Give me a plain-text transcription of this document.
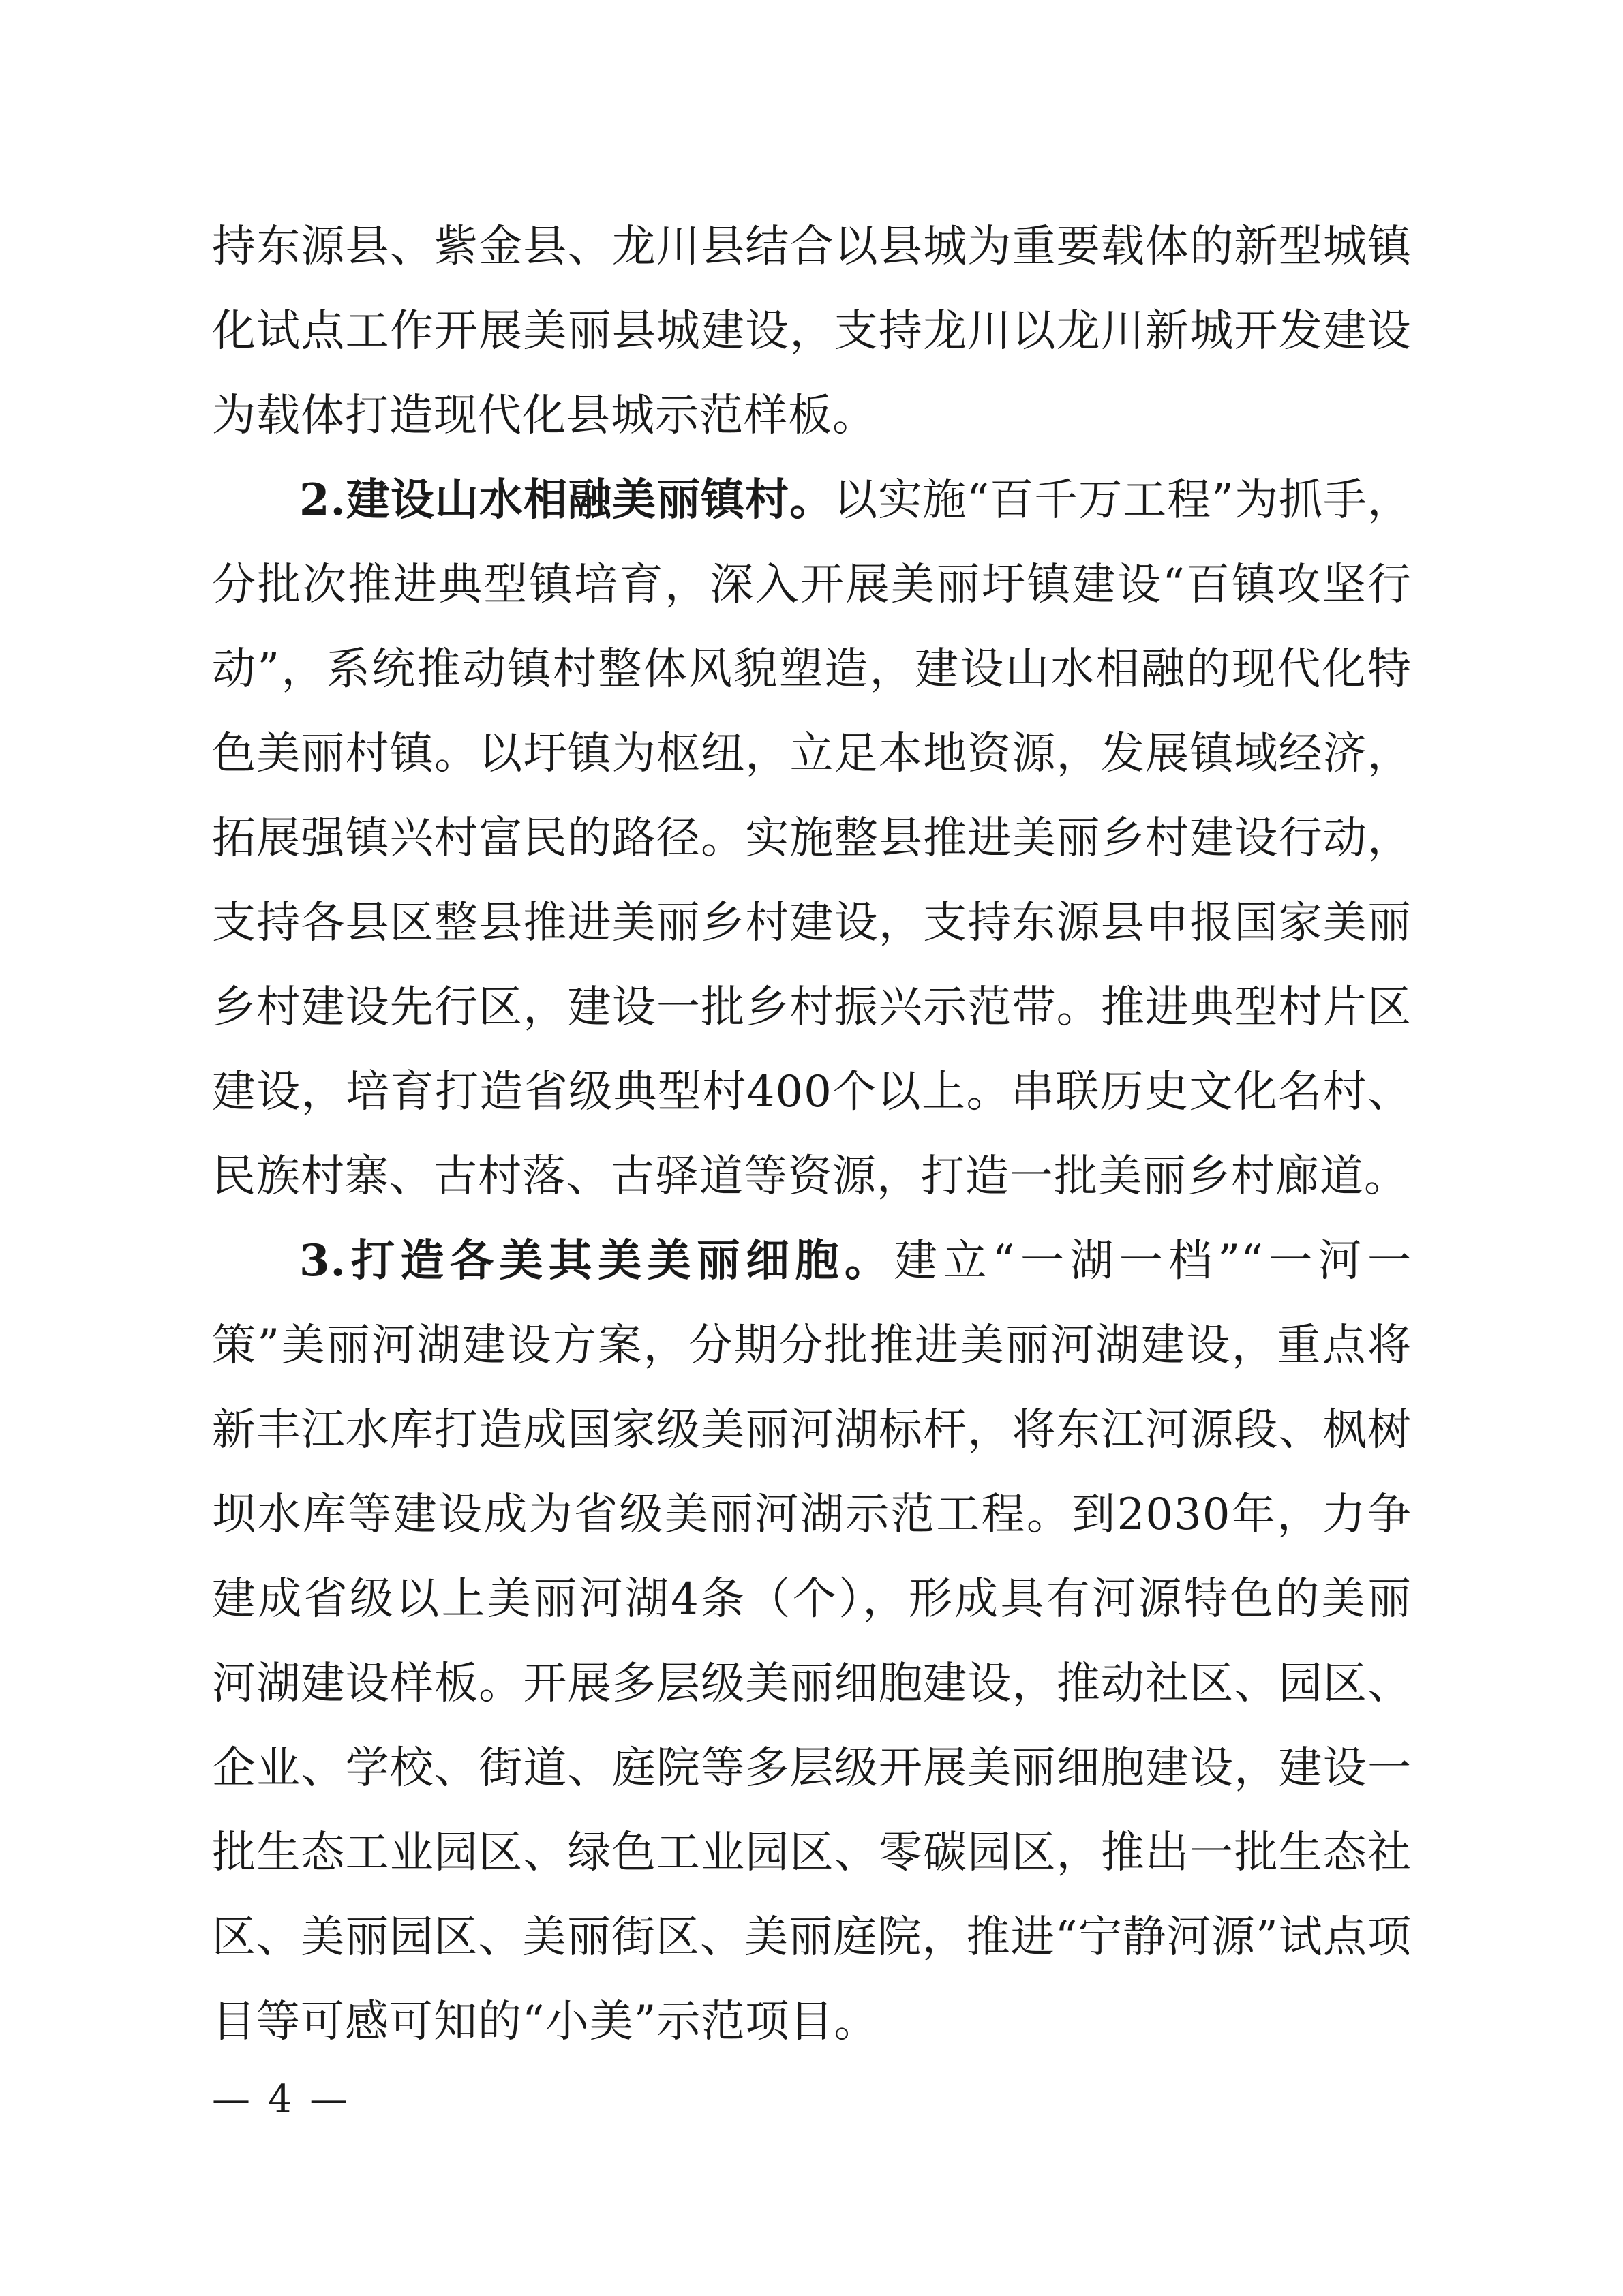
持东源县、紫金县、龙川县结合以县城为重要载体的新型城镇化试点工作开展美丽县城建设，支持龙川以龙川新城开发建设为载体打造现代化县城示范样板。

2.建设山水相融美丽镇村。以实施“百千万工程”为抓手，分批次推进典型镇培育，深入开展美丽圩镇建设“百镇攻坚行动”，系统推动镇村整体风貌塑造，建设山水相融的现代化特色美丽村镇。以圩镇为枢纽，立足本地资源，发展镇域经济，拓展强镇兴村富民的路径。实施整县推进美丽乡村建设行动，支持各县区整县推进美丽乡村建设，支持东源县申报国家美丽乡村建设先行区，建设一批乡村振兴示范带。推进典型村片区建设，培育打造省级典型村400个以上。串联历史文化名村、民族村寨、古村落、古驿道等资源，打造一批美丽乡村廊道。

3.打造各美其美美丽细胞。建立“一湖一档”“一河一策”美丽河湖建设方案，分期分批推进美丽河湖建设，重点将新丰江水库打造成国家级美丽河湖标杆，将东江河源段、枫树坝水库等建设成为省级美丽河湖示范工程。到2030年，力争建成省级以上美丽河湖4条（个），形成具有河源特色的美丽河湖建设样板。开展多层级美丽细胞建设，推动社区、园区、企业、学校、街道、庭院等多层级开展美丽细胞建设，建设一批生态工业园区、绿色工业园区、零碳园区，推出一批生态社区、美丽园区、美丽街区、美丽庭院，推进“宁静河源”试点项目等可感可知的“小美”示范项目。

— 4 —
